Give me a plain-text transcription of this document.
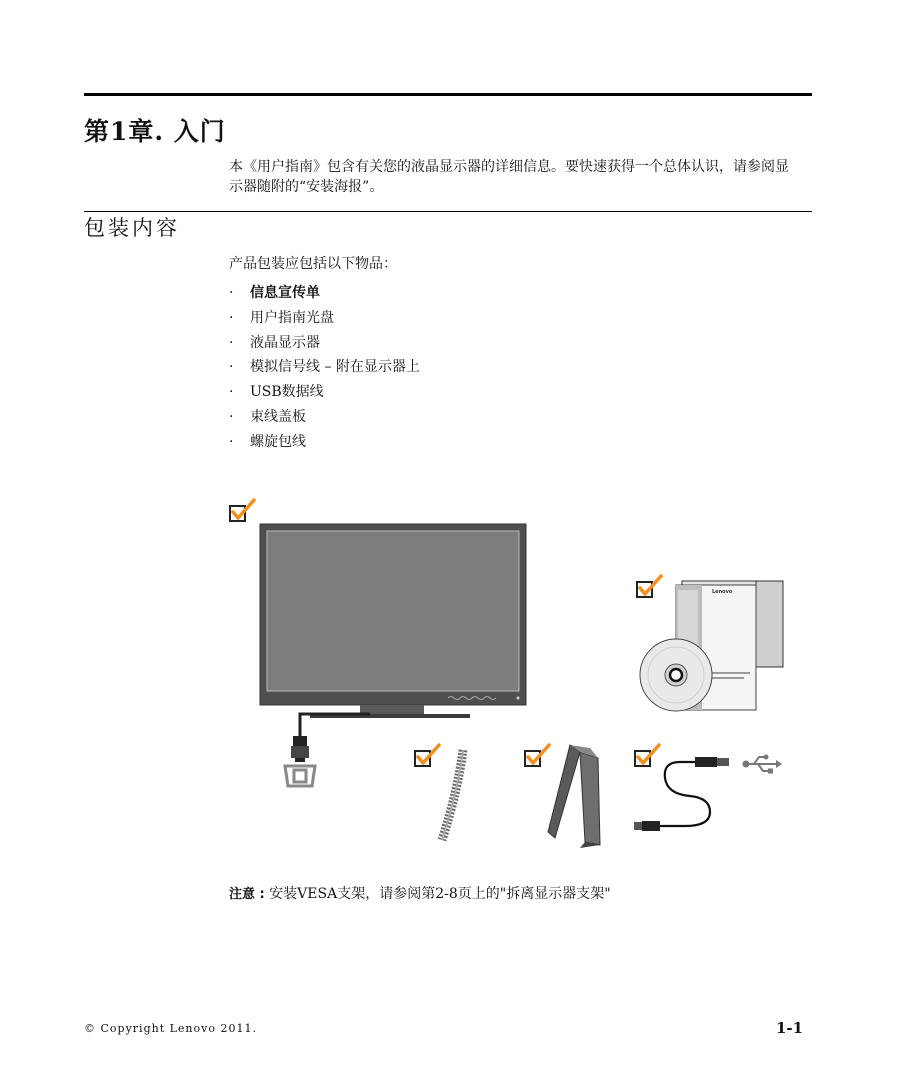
第1章. 入门
本《用户指南》包含有关您的液晶显示器的详细信息。要快速获得一个总体认识，请参阅显示器随附的“安装海报”。
包装内容
产品包装应包括以下物品：
· 信息宣传单
· 用户指南光盘
· 液晶显示器
· 模拟信号线 – 附在显示器上
· USB数据线
· 束线盖板
· 螺旋包线
Lenovo
注意 : 安装VESA支架，请参阅第2-8页上的"拆离显示器支架"
© Copyright Lenovo 2011.	1-1
